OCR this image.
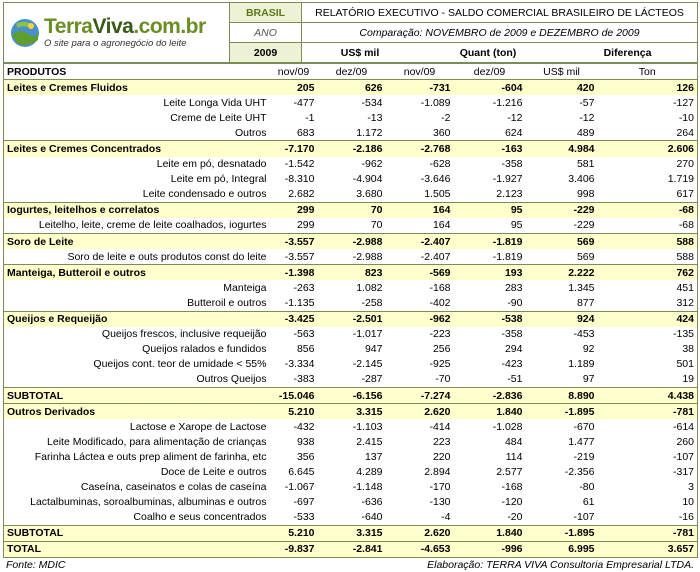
TerraViva.com.br
O site para o agronegócio do leite	BRASIL	RELATÓRIO EXECUTIVO - SALDO COMERCIAL BRASILEIRO DE LÁCTEOS
	ANO	Comparação: NOVEMBRO de 2009 e DEZEMBRO de 2009
	2009	US$ mil Quant (ton) Diferença
PRODUTOS	nov/09	dez/09	nov/09	dez/09	US$ mil	Ton
Leites e Cremes Fluidos	205	626	-731	-604	420	126
Leite Longa Vida UHT	-477	-534	-1.089	-1.216	-57	-127
Creme de Leite UHT	-1	-13	-2	-12	-12	-10
Outros	683	1.172	360	624	489	264
Leites e Cremes Concentrados	-7.170	-2.186	-2.768	-163	4.984	2.606
Leite em pó, desnatado	-1.542	-962	-628	-358	581	270
Leite em pó, Integral	-8.310	-4.904	-3.646	-1.927	3.406	1.719
Leite condensado e outros	2.682	3.680	1.505	2.123	998	617
Iogurtes, leitelhos e correlatos	299	70	164	95	-229	-68
Leitelho, leite, creme de leite coalhados, iogurtes	299	70	164	95	-229	-68
Soro de Leite	-3.557	-2.988	-2.407	-1.819	569	588
Soro de leite e outs produtos const do leite	-3.557	-2.988	-2.407	-1.819	569	588
Manteiga, Butteroil e outros	-1.398	823	-569	193	2.222	762
Manteiga	-263	1.082	-168	283	1.345	451
Butteroil e outros	-1.135	-258	-402	-90	877	312
Queijos e Requeijão	-3.425	-2.501	-962	-538	924	424
Queijos frescos, inclusive requeijão	-563	-1.017	-223	-358	-453	-135
Queijos ralados e fundidos	856	947	256	294	92	38
Queijos cont. teor de umidade < 55%	-3.334	-2.145	-925	-423	1.189	501
Outros Queijos	-383	-287	-70	-51	97	19
SUBTOTAL	-15.046	-6.156	-7.274	-2.836	8.890	4.438
Outros Derivados	5.210	3.315	2.620	1.840	-1.895	-781
Lactose e Xarope de Lactose	-432	-1.103	-414	-1.028	-670	-614
Leite Modificado, para alimentação de crianças	938	2.415	223	484	1.477	260
Farinha Láctea e outs prep aliment de farinha, etc	356	137	220	114	-219	-107
Doce de Leite e outros	6.645	4.289	2.894	2.577	-2.356	-317
Caseína, caseinatos e colas de caseína	-1.067	-1.148	-170	-168	-80	3
Lactalbuminas, soroalbuminas, albuminas e outros	-697	-636	-130	-120	61	10
Coalho e seus concentrados	-533	-640	-4	-20	-107	-16
SUBTOTAL	5.210	3.315	2.620	1.840	-1.895	-781
TOTAL	-9.837	-2.841	-4.653	-996	6.995	3.657
Fonte: MDIC	Elaboração: TERRA VIVA Consultoria Empresarial LTDA.
